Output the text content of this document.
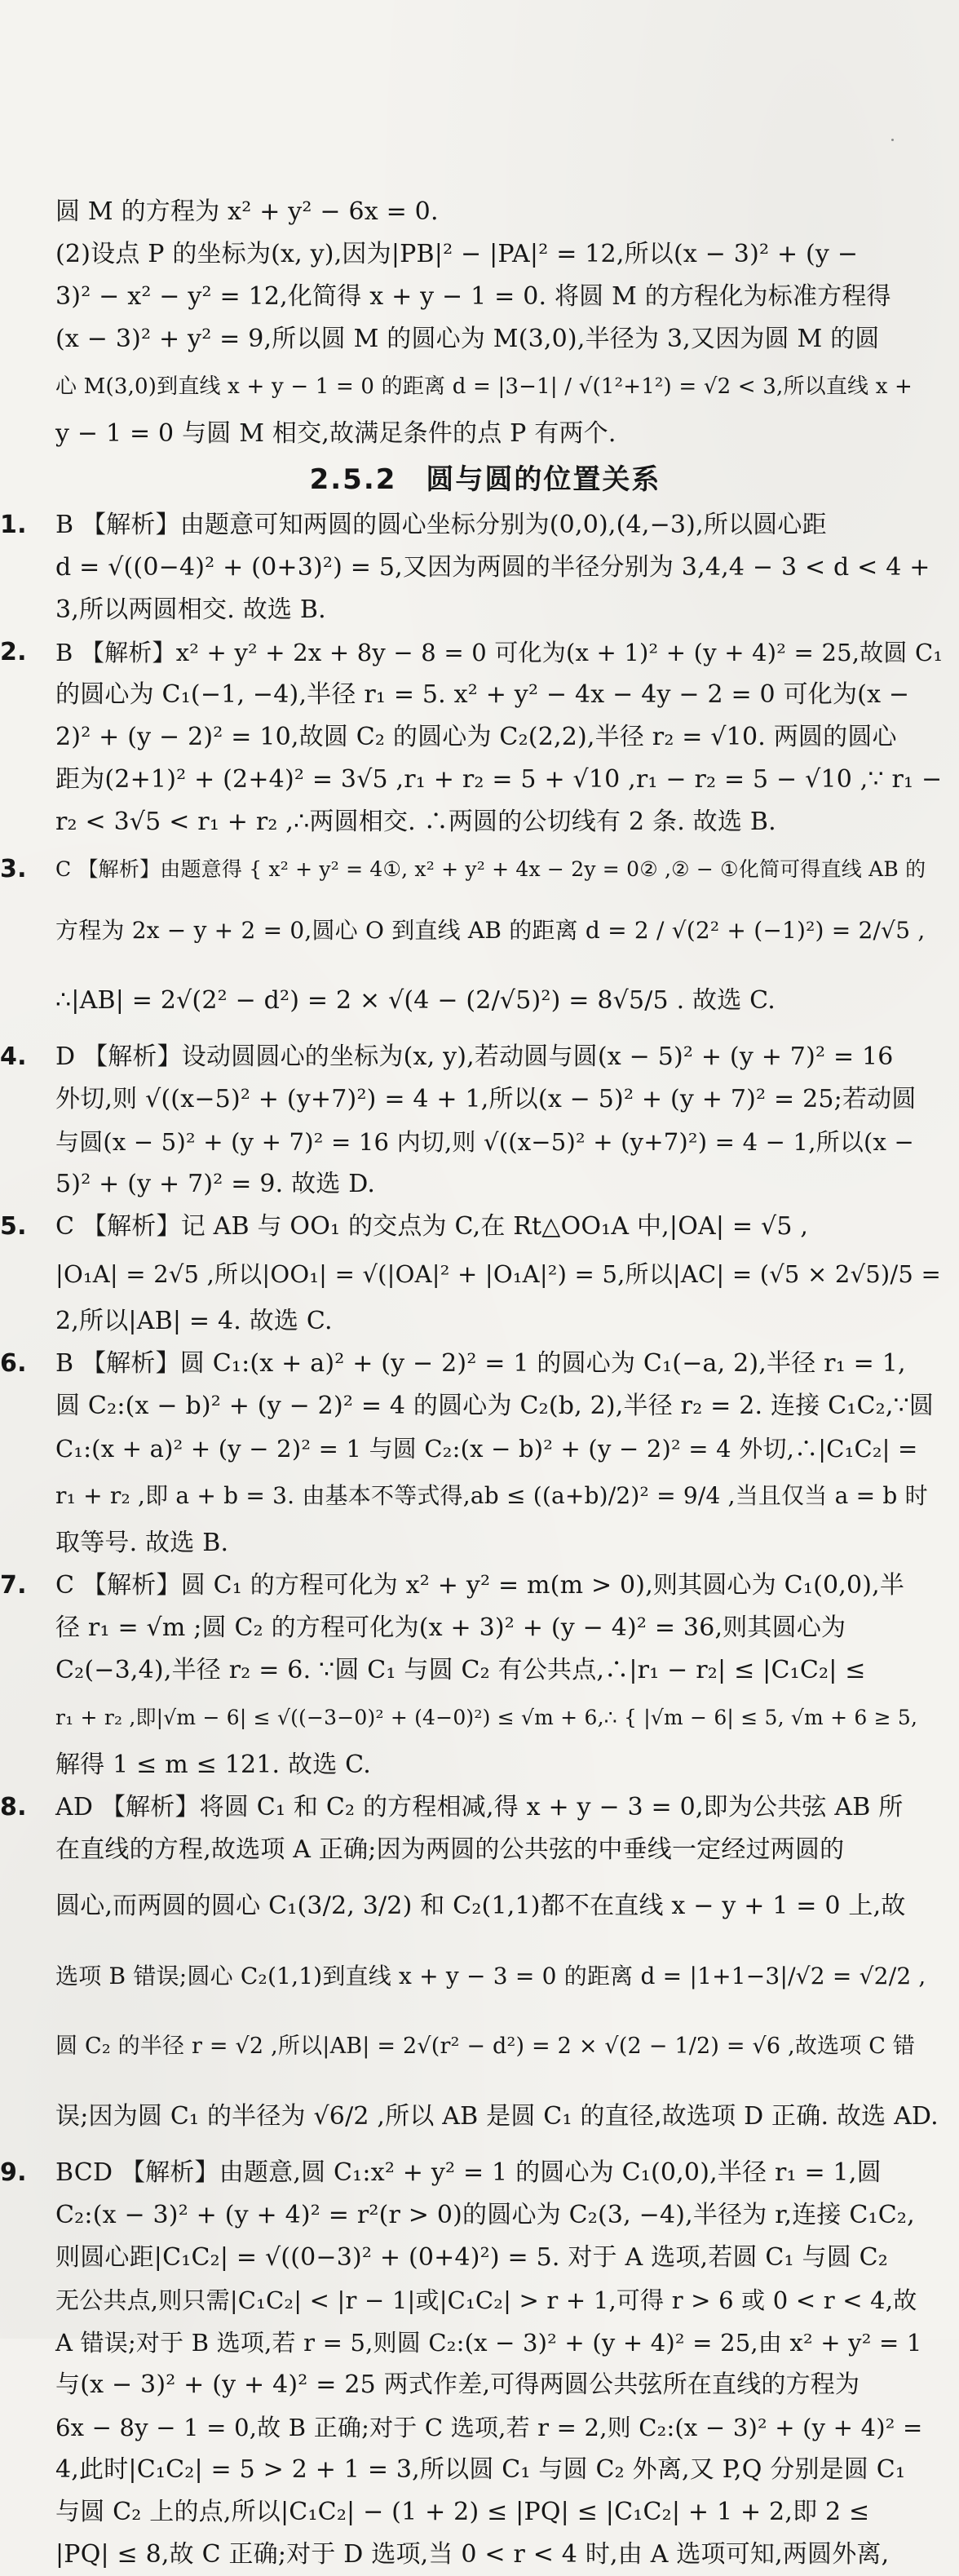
圆 M 的方程为 x² + y² − 6x = 0.
(2)设点 P 的坐标为(x, y),因为|PB|² − |PA|² = 12,所以(x − 3)² + (y −
3)² − x² − y² = 12,化简得 x + y − 1 = 0. 将圆 M 的方程化为标准方程得
(x − 3)² + y² = 9,所以圆 M 的圆心为 M(3,0),半径为 3,又因为圆 M 的圆
心 M(3,0)到直线 x + y − 1 = 0 的距离 d = |3−1| / √(1²+1²) = √2 < 3,所以直线 x +
y − 1 = 0 与圆 M 相交,故满足条件的点 P 有两个.
2.5.2　圆与圆的位置关系
1.	B 【解析】由题意可知两圆的圆心坐标分别为(0,0),(4,−3),所以圆心距
d = √((0−4)² + (0+3)²) = 5,又因为两圆的半径分别为 3,4,4 − 3 < d < 4 +
3,所以两圆相交. 故选 B.
2.	B 【解析】x² + y² + 2x + 8y − 8 = 0 可化为(x + 1)² + (y + 4)² = 25,故圆 C₁
的圆心为 C₁(−1, −4),半径 r₁ = 5. x² + y² − 4x − 4y − 2 = 0 可化为(x −
2)² + (y − 2)² = 10,故圆 C₂ 的圆心为 C₂(2,2),半径 r₂ = √10. 两圆的圆心
距为(2+1)² + (2+4)² = 3√5 ,r₁ + r₂ = 5 + √10 ,r₁ − r₂ = 5 − √10 ,∵ r₁ −
r₂ < 3√5 < r₁ + r₂ ,∴两圆相交. ∴两圆的公切线有 2 条. 故选 B.
3.	C 【解析】由题意得 { x² + y² = 4①, x² + y² + 4x − 2y = 0② ,② − ①化简可得直线 AB 的
方程为 2x − y + 2 = 0,圆心 O 到直线 AB 的距离 d = 2 / √(2² + (−1)²) = 2/√5 ,
∴|AB| = 2√(2² − d²) = 2 × √(4 − (2/√5)²) = 8√5/5 . 故选 C.
4.	D 【解析】设动圆圆心的坐标为(x, y),若动圆与圆(x − 5)² + (y + 7)² = 16
外切,则 √((x−5)² + (y+7)²) = 4 + 1,所以(x − 5)² + (y + 7)² = 25;若动圆
与圆(x − 5)² + (y + 7)² = 16 内切,则 √((x−5)² + (y+7)²) = 4 − 1,所以(x −
5)² + (y + 7)² = 9. 故选 D.
5.	C 【解析】记 AB 与 OO₁ 的交点为 C,在 Rt△OO₁A 中,|OA| = √5 ,
|O₁A| = 2√5 ,所以|OO₁| = √(|OA|² + |O₁A|²) = 5,所以|AC| = (√5 × 2√5)/5 =
2,所以|AB| = 4. 故选 C.
6.	B 【解析】圆 C₁:(x + a)² + (y − 2)² = 1 的圆心为 C₁(−a, 2),半径 r₁ = 1,
圆 C₂:(x − b)² + (y − 2)² = 4 的圆心为 C₂(b, 2),半径 r₂ = 2. 连接 C₁C₂,∵圆
C₁:(x + a)² + (y − 2)² = 1 与圆 C₂:(x − b)² + (y − 2)² = 4 外切,∴|C₁C₂| =
r₁ + r₂ ,即 a + b = 3. 由基本不等式得,ab ≤ ((a+b)/2)² = 9/4 ,当且仅当 a = b 时
取等号. 故选 B.
7.	C 【解析】圆 C₁ 的方程可化为 x² + y² = m(m > 0),则其圆心为 C₁(0,0),半
径 r₁ = √m ;圆 C₂ 的方程可化为(x + 3)² + (y − 4)² = 36,则其圆心为
C₂(−3,4),半径 r₂ = 6. ∵圆 C₁ 与圆 C₂ 有公共点,∴|r₁ − r₂| ≤ |C₁C₂| ≤
r₁ + r₂ ,即|√m − 6| ≤ √((−3−0)² + (4−0)²) ≤ √m + 6,∴ { |√m − 6| ≤ 5, √m + 6 ≥ 5,
解得 1 ≤ m ≤ 121. 故选 C.
8.	AD 【解析】将圆 C₁ 和 C₂ 的方程相减,得 x + y − 3 = 0,即为公共弦 AB 所
在直线的方程,故选项 A 正确;因为两圆的公共弦的中垂线一定经过两圆的
圆心,而两圆的圆心 C₁(3/2, 3/2) 和 C₂(1,1)都不在直线 x − y + 1 = 0 上,故
选项 B 错误;圆心 C₂(1,1)到直线 x + y − 3 = 0 的距离 d = |1+1−3|/√2 = √2/2 ,
圆 C₂ 的半径 r = √2 ,所以|AB| = 2√(r² − d²) = 2 × √(2 − 1/2) = √6 ,故选项 C 错
误;因为圆 C₁ 的半径为 √6/2 ,所以 AB 是圆 C₁ 的直径,故选项 D 正确. 故选 AD.
9.	BCD 【解析】由题意,圆 C₁:x² + y² = 1 的圆心为 C₁(0,0),半径 r₁ = 1,圆
C₂:(x − 3)² + (y + 4)² = r²(r > 0)的圆心为 C₂(3, −4),半径为 r,连接 C₁C₂,
则圆心距|C₁C₂| = √((0−3)² + (0+4)²) = 5. 对于 A 选项,若圆 C₁ 与圆 C₂
无公共点,则只需|C₁C₂| < |r − 1|或|C₁C₂| > r + 1,可得 r > 6 或 0 < r < 4,故
A 错误;对于 B 选项,若 r = 5,则圆 C₂:(x − 3)² + (y + 4)² = 25,由 x² + y² = 1
与(x − 3)² + (y + 4)² = 25 两式作差,可得两圆公共弦所在直线的方程为
6x − 8y − 1 = 0,故 B 正确;对于 C 选项,若 r = 2,则 C₂:(x − 3)² + (y + 4)² =
4,此时|C₁C₂| = 5 > 2 + 1 = 3,所以圆 C₁ 与圆 C₂ 外离,又 P,Q 分别是圆 C₁
与圆 C₂ 上的点,所以|C₁C₂| − (1 + 2) ≤ |PQ| ≤ |C₁C₂| + 1 + 2,即 2 ≤
|PQ| ≤ 8,故 C 正确;对于 D 选项,当 0 < r < 4 时,由 A 选项可知,两圆外离,
